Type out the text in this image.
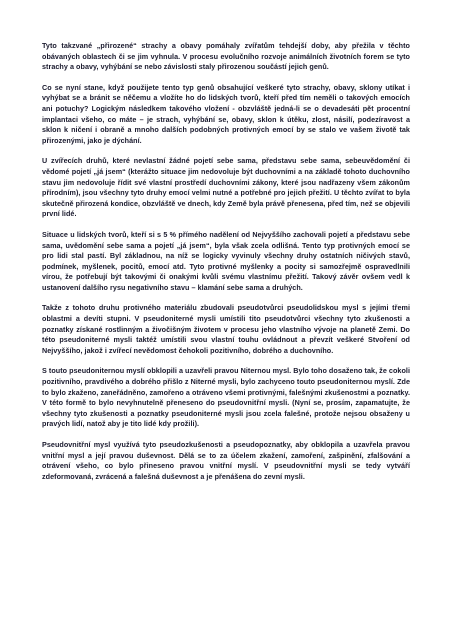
Tyto takzvané „přirozené“ strachy a obavy pomáhaly zvířatům tehdejší doby, aby přežila v těchto obávaných oblastech či se jim vyhnula. V procesu evolučního rozvoje animálních životních forem se tyto strachy a obavy, vyhýbání se nebo závislosti staly přirozenou součástí jejich genů.

Co se nyní stane, když použijete tento typ genů obsahující veškeré tyto strachy, obavy, sklony utíkat i vyhýbat se a bránit se něčemu a vložíte ho do lidských tvorů, kteří před tím neměli o takových emocích ani potuchy? Logickým následkem takového vložení - obzvláště jedná-li se o devadesáti pět procentní implantaci všeho, co máte – je strach, vyhýbání se, obavy, sklon k útěku, zlost, násilí, podezíravost a sklon k ničení i obraně a mnoho dalších podobných protivných emocí by se stalo ve vašem životě tak přirozenými, jako je dýchání.

U zvířecích druhů, které nevlastní žádné pojetí sebe sama, představu sebe sama, sebeuvědomění či vědomé pojetí „já jsem“ (kterážto situace jim nedovoluje být duchovními a na základě tohoto duchovního stavu jim nedovoluje řídit své vlastní prostředí duchovními zákony, které jsou nadřazeny všem zákonům přírodním), jsou všechny tyto druhy emocí velmi nutné a potřebné pro jejich přežití. U těchto zvířat to byla skutečně přirozená kondice, obzvláště ve dnech, kdy Země byla právě přenesena, před tím, než se objevili první lidé.

Situace u lidských tvorů, kteří si s 5 % přímého nadělení od Nejvyššího zachovali pojetí a představu sebe sama, uvědomění sebe sama a pojetí „já jsem“, byla však zcela odlišná. Tento typ protivných emocí se pro lidi stal pastí. Byl základnou, na níž se logicky vyvinuly všechny druhy ostatních ničivých stavů, podmínek, myšlenek, pocitů, emocí atd. Tyto protivné myšlenky a pocity si samozřejmě ospravedlnili vírou, že potřebují být takovými či onakými kvůli svému vlastnímu přežití. Takový závěr ovšem vedl k ustanovení dalšího rysu negativního stavu – klamání sebe sama a druhých.

Takže z tohoto druhu protivného materiálu zbudovali pseudotvůrci pseudolidskou mysl s jejími třemi oblastmi a devíti stupni. V pseudoniterné mysli umístili tito pseudotvůrci všechny tyto zkušenosti a poznatky získané rostlinným a živočišným životem v procesu jeho vlastního vývoje na planetě Zemi. Do této pseudoniterné mysli taktéž umístili svou vlastní touhu ovládnout a převzít veškeré Stvoření od Nejvyššího, jakož i zvířecí nevědomost čehokoli pozitivního, dobrého a duchovního.

S touto pseudoniternou myslí obklopili a uzavřeli pravou Niternou mysl. Bylo toho dosaženo tak, že cokoli pozitivního, pravdivého a dobrého přišlo z Niterné mysli, bylo zachyceno touto pseudoniternou myslí. Zde to bylo zkaženo, zaneřádněno, zamořeno a otráveno všemi protivnými, falešnými zkušenostmi a poznatky. V této formě to bylo nevyhnutelně přeneseno do pseudovnitřní mysli. (Nyní se, prosím, zapamatujte, že všechny tyto zkušenosti a poznatky pseudoniterné mysli jsou zcela falešné, protože nejsou obsaženy u pravých lidí, natož aby je tito lidé kdy prožili).

Pseudovnitřní mysl využívá tyto pseudozkušenosti a pseudopoznatky, aby obklopila a uzavřela pravou vnitřní mysl a její pravou duševnost. Dělá se to za účelem zkažení, zamoření, zašpinění, zfalšování a otrávení všeho, co bylo přineseno pravou vnitřní myslí. V pseudovnitřní mysli se tedy vytváří zdeformovaná, zvrácená a falešná duševnost a je přenášena do zevní mysli.
